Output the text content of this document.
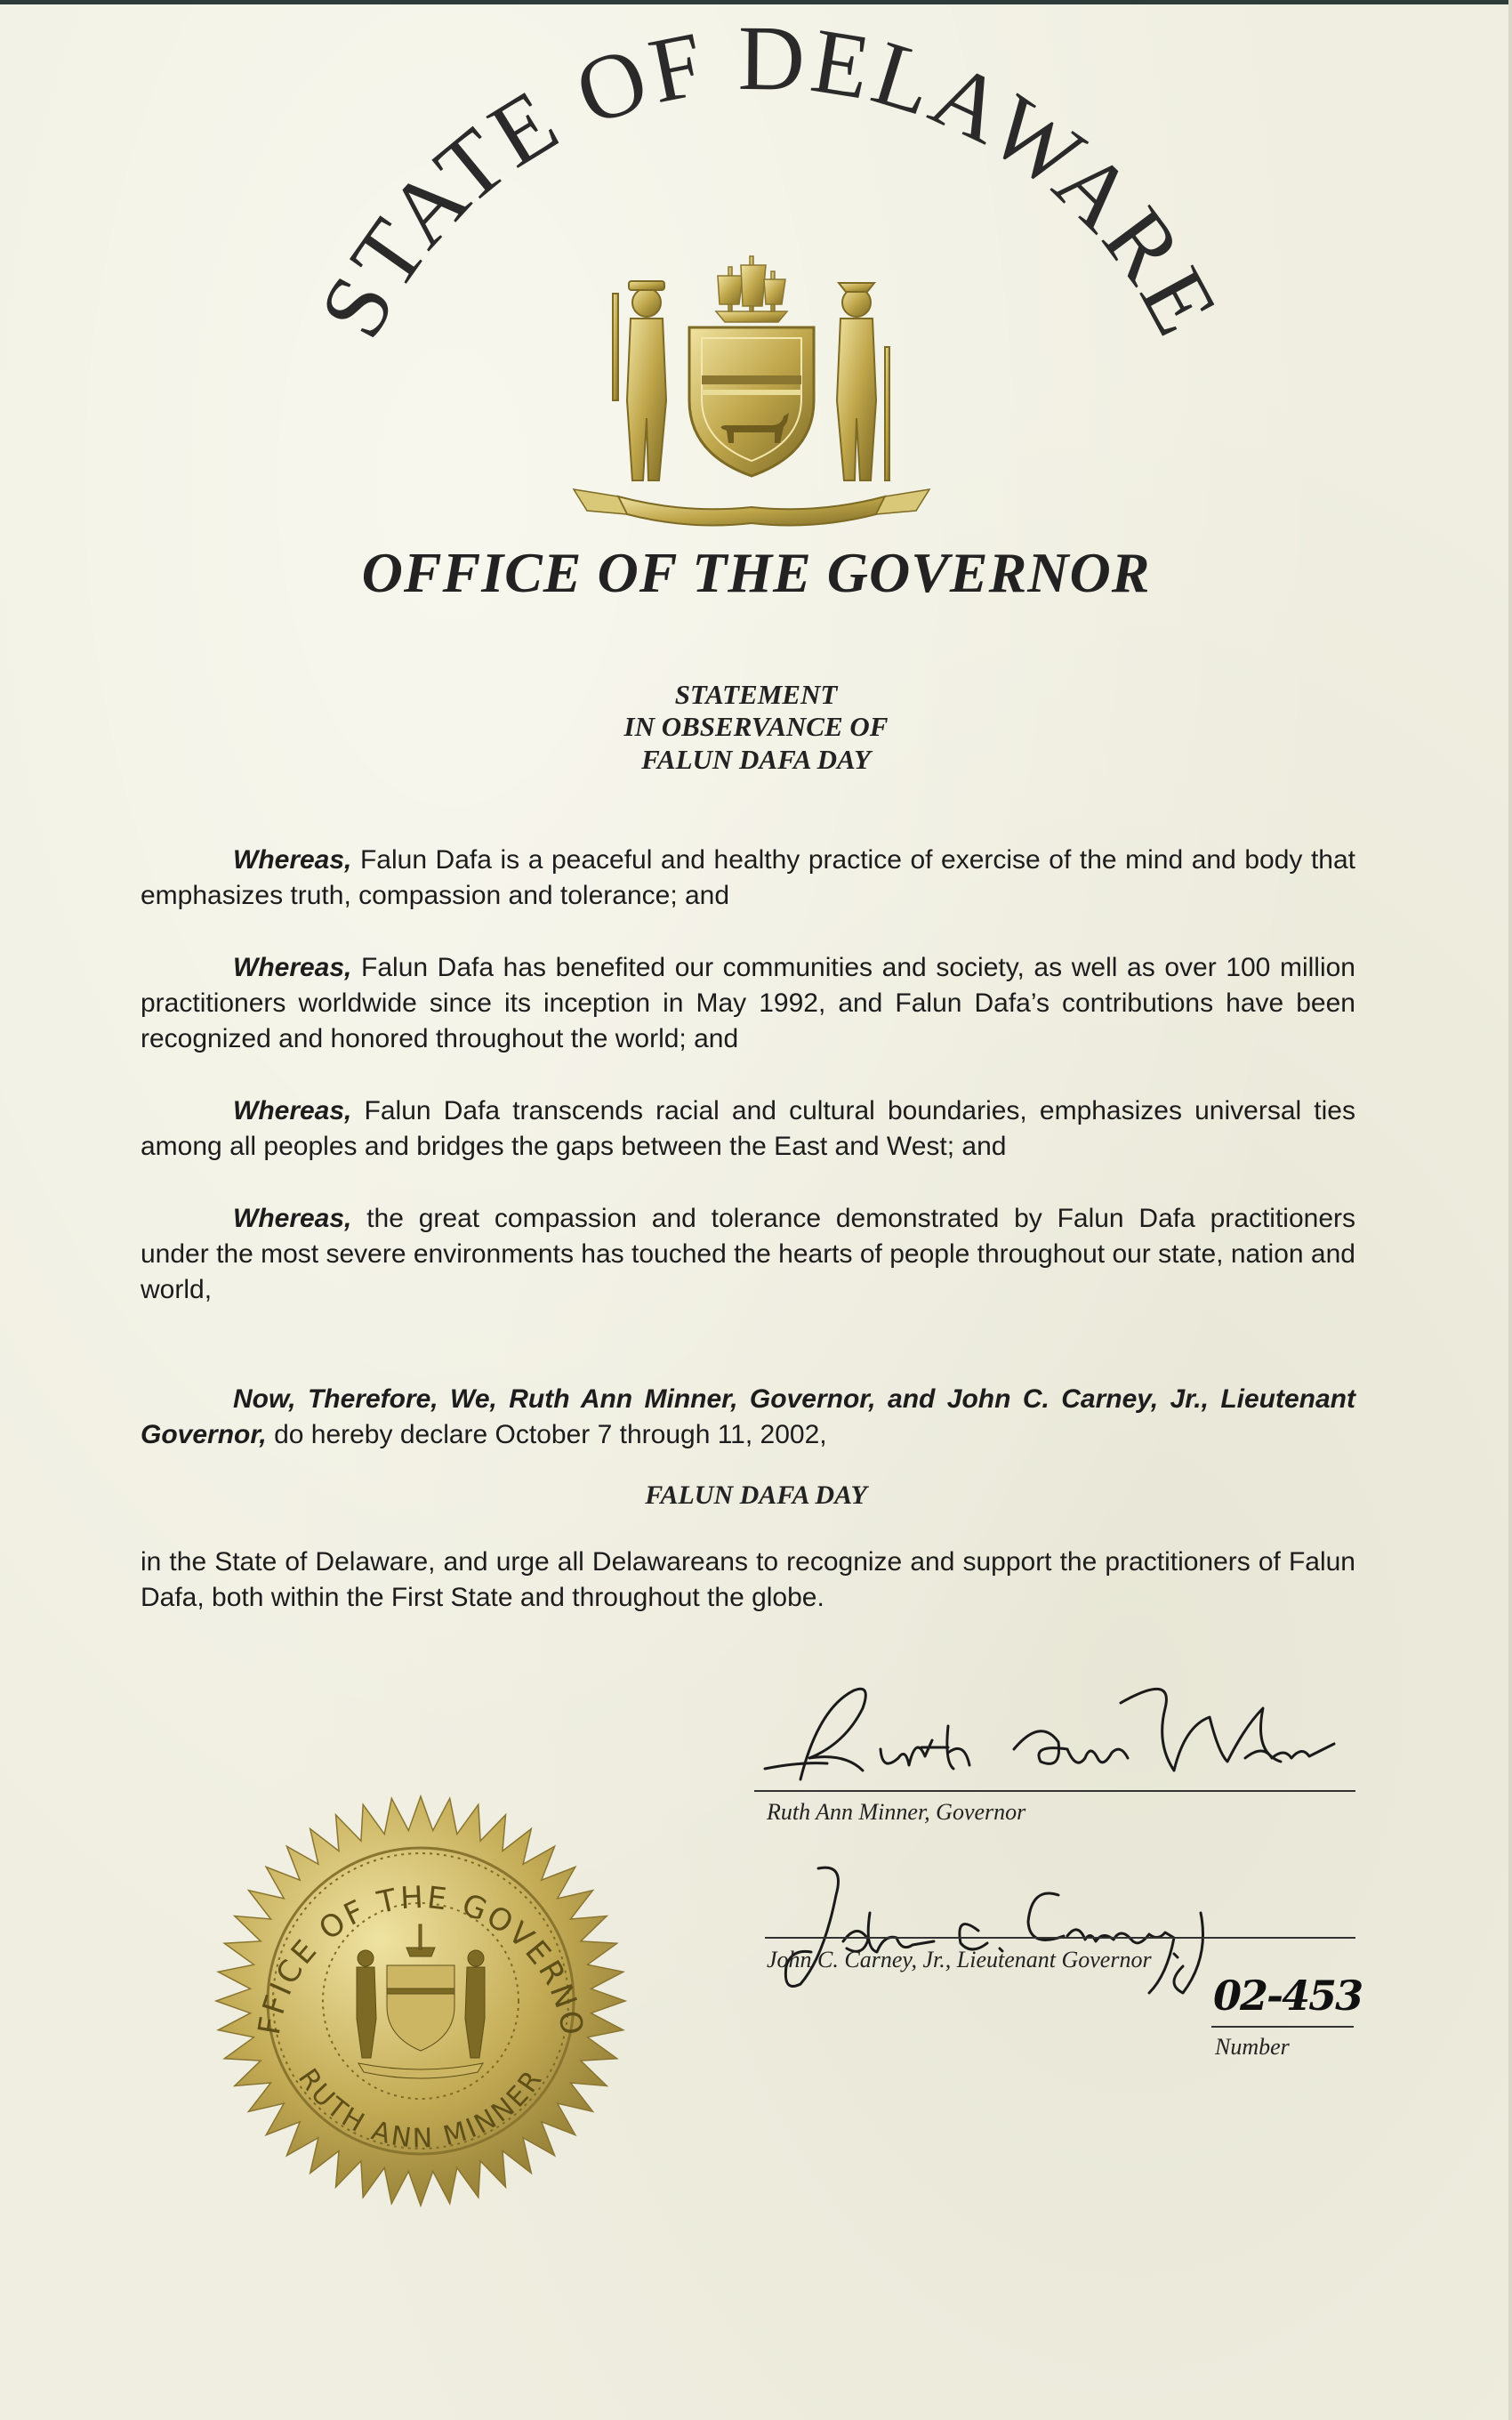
STATE OF DELAWARE
OFFICE OF THE GOVERNOR
STATEMENT
IN OBSERVANCE OF
FALUN DAFA DAY

Whereas, Falun Dafa is a peaceful and healthy practice of exercise of the mind and body that emphasizes truth, compassion and tolerance; and

Whereas, Falun Dafa has benefited our communities and society, as well as over 100 million practitioners worldwide since its inception in May 1992, and Falun Dafa’s contributions have been recognized and honored throughout the world; and

Whereas, Falun Dafa transcends racial and cultural boundaries, emphasizes universal ties among all peoples and bridges the gaps between the East and West; and

Whereas, the great compassion and tolerance demonstrated by Falun Dafa practitioners under the most severe environments has touched the hearts of people throughout our state, nation and world,

Now, Therefore, We, Ruth Ann Minner, Governor, and John C. Carney, Jr., Lieutenant Governor, do hereby declare October 7 through 11, 2002,

FALUN DAFA DAY

in the State of Delaware, and urge all Delawareans to recognize and support the practitioners of Falun Dafa, both within the First State and throughout the globe.

Ruth Ann Minner, Governor
John C. Carney, Jr., Lieutenant Governor
02-453
Number
FFICE OF THE GOVERNO
RUTH ANN MINNER
